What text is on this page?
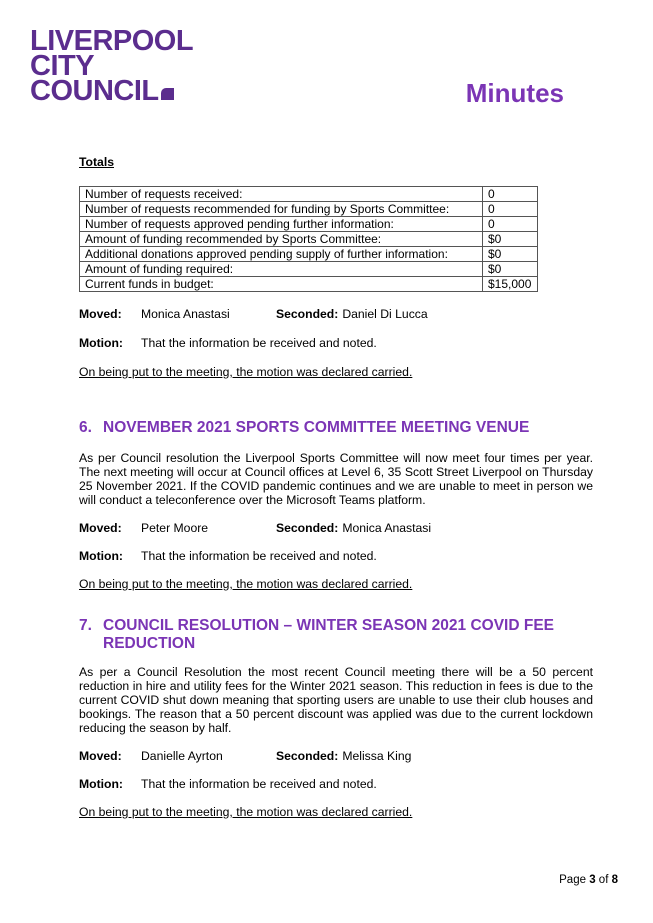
LIVERPOOL
CITY
COUNCIL	Minutes
Totals
Number of requests received:	0
Number of requests recommended for funding by Sports Committee:	0
Number of requests approved pending further information:	0
Amount of funding recommended by Sports Committee:	$0
Additional donations approved pending supply of further information:	$0
Amount of funding required:	$0
Current funds in budget:	$15,000
Moved:	Monica Anastasi	Seconded: Daniel Di Lucca
Motion:	That the information be received and noted.
On being put to the meeting, the motion was declared carried.
6. NOVEMBER 2021 SPORTS COMMITTEE MEETING VENUE
As per Council resolution the Liverpool Sports Committee will now meet four times per year. The next meeting will occur at Council offices at Level 6, 35 Scott Street Liverpool on Thursday 25 November 2021. If the COVID pandemic continues and we are unable to meet in person we will conduct a teleconference over the Microsoft Teams platform.
Moved:	Peter Moore	Seconded: Monica Anastasi
Motion:	That the information be received and noted.
On being put to the meeting, the motion was declared carried.
7. COUNCIL RESOLUTION – WINTER SEASON 2021 COVID FEE REDUCTION
As per a Council Resolution the most recent Council meeting there will be a 50 percent reduction in hire and utility fees for the Winter 2021 season. This reduction in fees is due to the current COVID shut down meaning that sporting users are unable to use their club houses and bookings. The reason that a 50 percent discount was applied was due to the current lockdown reducing the season by half.
Moved:	Danielle Ayrton	Seconded: Melissa King
Motion:	That the information be received and noted.
On being put to the meeting, the motion was declared carried.
Page 3 of 8
